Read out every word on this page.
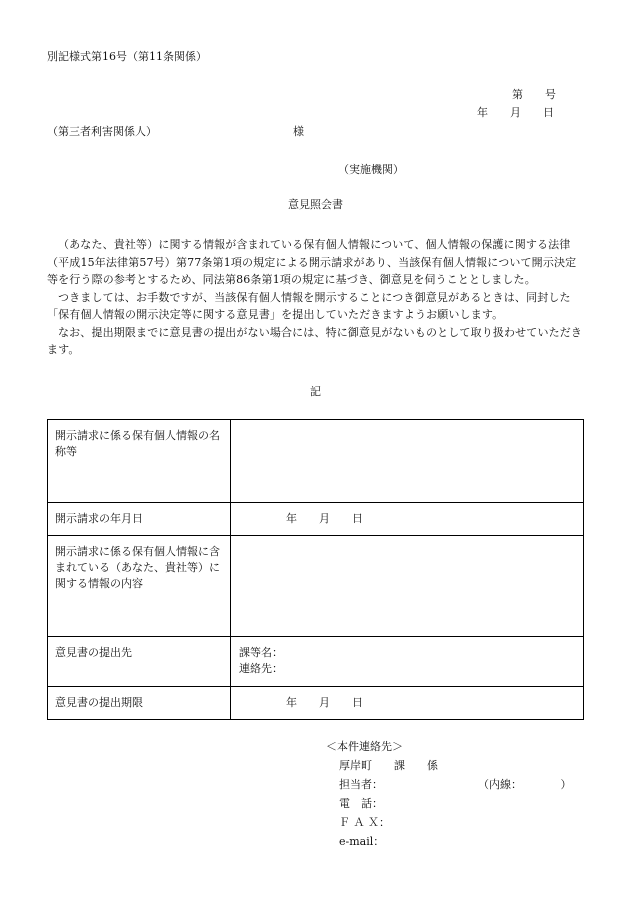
別記様式第16号（第11条関係）
第　　号
年　　月　　日
（第三者利害関係人）	様
（実施機関）
意見照会書

（あなた、貴社等）に関する情報が含まれている保有個人情報について、個人情報の保護に関する法律（平成15年法律第57号）第77条第1項の規定による開示請求があり、当該保有個人情報について開示決定等を行う際の参考とするため、同法第86条第1項の規定に基づき、御意見を伺うこととしました。

つきましては、お手数ですが、当該保有個人情報を開示することにつき御意見があるときは、同封した「保有個人情報の開示決定等に関する意見書」を提出していただきますようお願いします。

なお、提出期限までに意見書の提出がない場合には、特に御意見がないものとして取り扱わせていただきます。

記
開示請求に係る保有個人情報の名称等	
開示請求の年月日	年　　月　　日
開示請求に係る保有個人情報に含まれている（あなた、貴社等）に関する情報の内容	
意見書の提出先	課等名：
連絡先：

意見書の提出期限	年　　月　　日
＜本件連絡先＞
厚岸町　　課　　係
担当者：	（内線：　　　　）
電　話：
Ｆ Ａ Ｘ：
e-mail：
